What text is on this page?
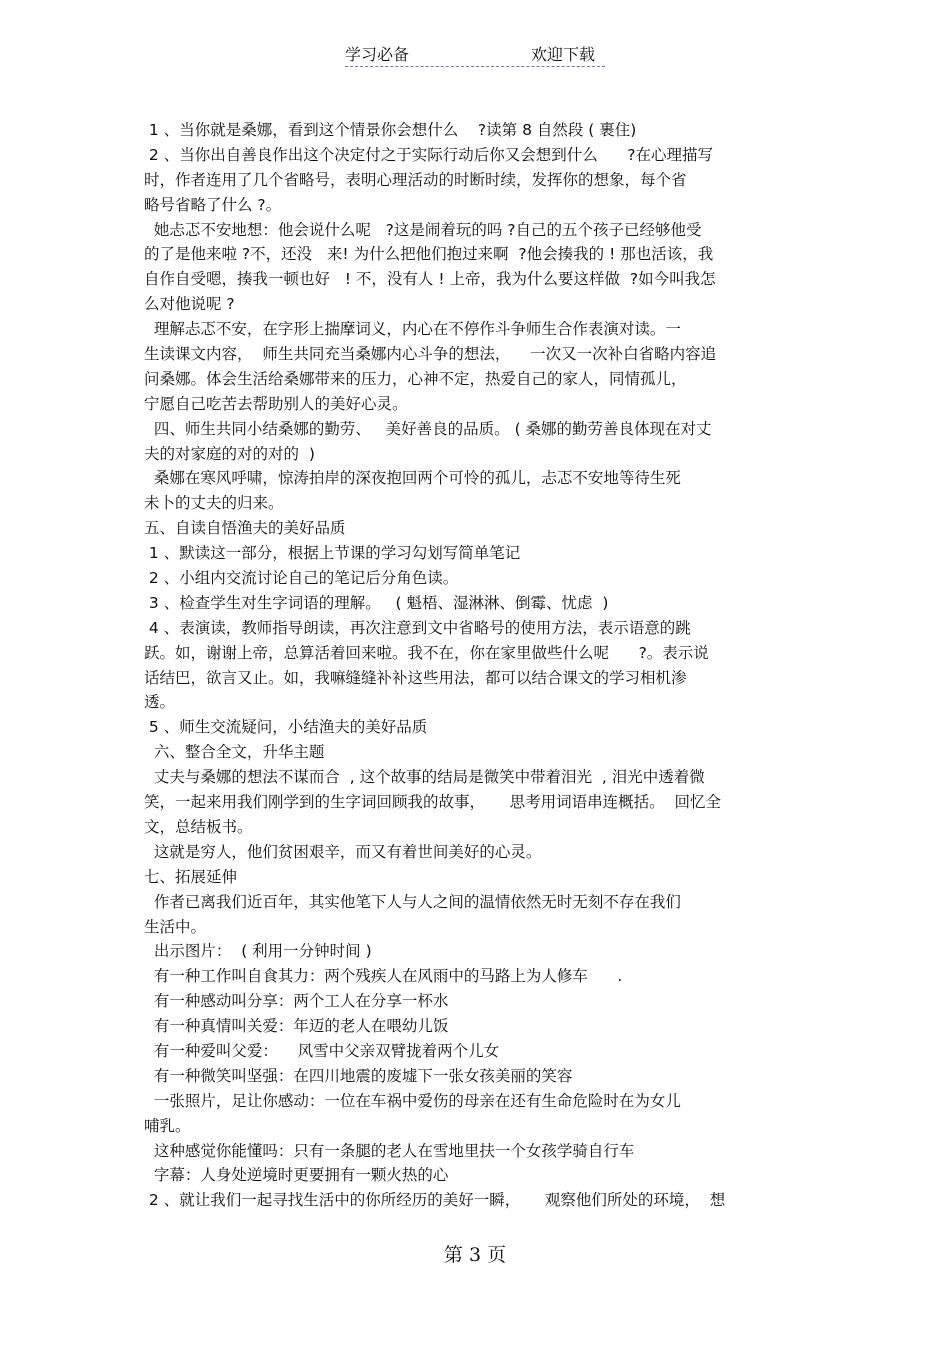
学习必备	欢迎下载
1 、当你就是桑娜，看到这个情景你会想什么    ?读第 8 自然段 ( 裹住)
2 、当你出自善良作出这个决定付之于实际行动后你又会想到什么      ?在心理描写
时，作者连用了几个省略号，表明心理活动的时断时续，发挥你的想象，每个省
略号省略了什么 ?。
她忐忑不安地想：他会说什么呢   ?这是闹着玩的吗 ?自己的五个孩子已经够他受
的了是他来啦 ?不，还没   来! 为什么把他们抱过来啊  ?他会揍我的 ! 那也活该，我
自作自受嗯，揍我一顿也好   ! 不，没有人 ! 上帝，我为什么要这样做  ?如今叫我怎
么对他说呢 ?
理解忐忑不安，在字形上揣摩词义，内心在不停作斗争师生合作表演对读。一
生读课文内容，  师生共同充当桑娜内心斗争的想法，    一次又一次补白省略内容追
问桑娜。体会生活给桑娜带来的压力，心神不定，热爱自己的家人，同情孤儿，
宁愿自己吃苦去帮助别人的美好心灵。
四、师生共同小结桑娜的勤劳、   美好善良的品质。 ( 桑娜的勤劳善良体现在对丈
夫的对家庭的对的对的  )
桑娜在寒风呼啸，惊涛拍岸的深夜抱回两个可怜的孤儿，忐忑不安地等待生死
未卜的丈夫的归来。
五、自读自悟渔夫的美好品质
1 、默读这一部分，根据上节课的学习勾划写简单笔记
2 、小组内交流讨论自己的笔记后分角色读。
3 、检查学生对生字词语的理解。   ( 魁梧、湿淋淋、倒霉、忧虑  )
4 、表演读，教师指导朗读，再次注意到文中省略号的使用方法，表示语意的跳
跃。如，谢谢上帝，总算活着回来啦。我不在，你在家里做些什么呢      ?。表示说
话结巴，欲言又止。如，我嘛缝缝补补这些用法，都可以结合课文的学习相机渗
透。
5 、师生交流疑问，小结渔夫的美好品质
六、整合全文，升华主题
丈夫与桑娜的想法不谋而合  , 这个故事的结局是微笑中带着泪光  , 泪光中透着微
笑，一起来用我们刚学到的生字词回顾我的故事，     思考用词语串连概括。  回忆全
文，总结板书。
这就是穷人，他们贫困艰辛，而又有着世间美好的心灵。
七、拓展延伸
作者已离我们近百年，其实他笔下人与人之间的温情依然无时无刻不存在我们
生活中。
出示图片：  ( 利用一分钟时间 )
有一种工作叫自食其力：两个残疾人在风雨中的马路上为人修车      .
有一种感动叫分享：两个工人在分享一杯水
有一种真情叫关爱：年迈的老人在喂幼儿饭
有一种爱叫父爱：    风雪中父亲双臂拢着两个儿女
有一种微笑叫坚强：在四川地震的废墟下一张女孩美丽的笑容
一张照片，足让你感动：一位在车祸中爱伤的母亲在还有生命危险时在为女儿
哺乳。
这种感觉你能懂吗：只有一条腿的老人在雪地里扶一个女孩学骑自行车
字幕：人身处逆境时更要拥有一颗火热的心
2 、就让我们一起寻找生活中的你所经历的美好一瞬，     观察他们所处的环境，  想
第 3 页
